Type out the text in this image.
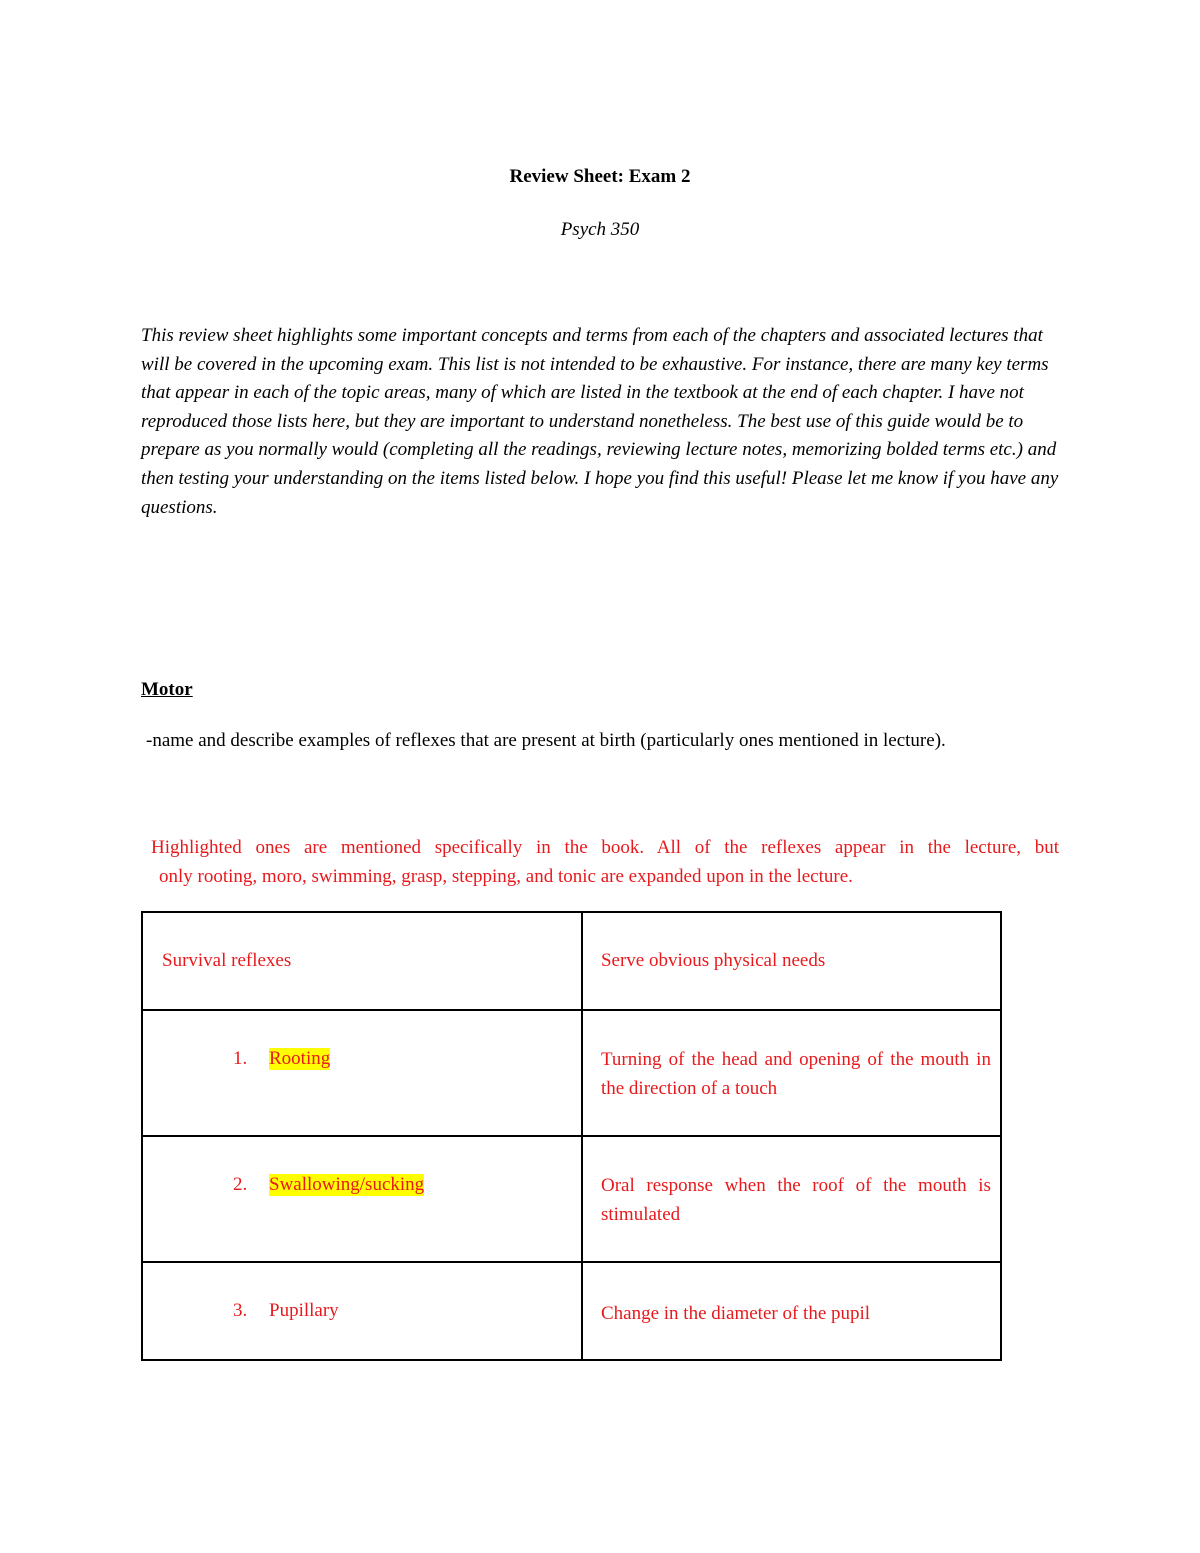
Review Sheet: Exam 2
Psych 350

This review sheet highlights some important concepts and terms from each of the chapters and associated lectures that will be covered in the upcoming exam. This list is not intended to be exhaustive. For instance, there are many key terms that appear in each of the topic areas, many of which are listed in the textbook at the end of each chapter. I have not reproduced those lists here, but they are important to understand nonetheless. The best use of this guide would be to prepare as you normally would (completing all the readings, reviewing lecture notes, memorizing bolded terms etc.) and then testing your understanding on the items listed below. I hope you find this useful! Please let me know if you have any questions.

Motor
-name and describe examples of reflexes that are present at birth (particularly ones mentioned in lecture).

Highlighted ones are mentioned specifically in the book. All of the reflexes appear in the lecture, but
only rooting, moro, swimming, grasp, stepping, and tonic are expanded upon in the lecture.

Survival reflexes	Serve obvious physical needs

1. Rooting	Turning of the head and opening of the mouth in the direction of a touch

2. Swallowing/sucking	Oral response when the roof of the mouth is stimulated

3. Pupillary	Change in the diameter of the pupil
